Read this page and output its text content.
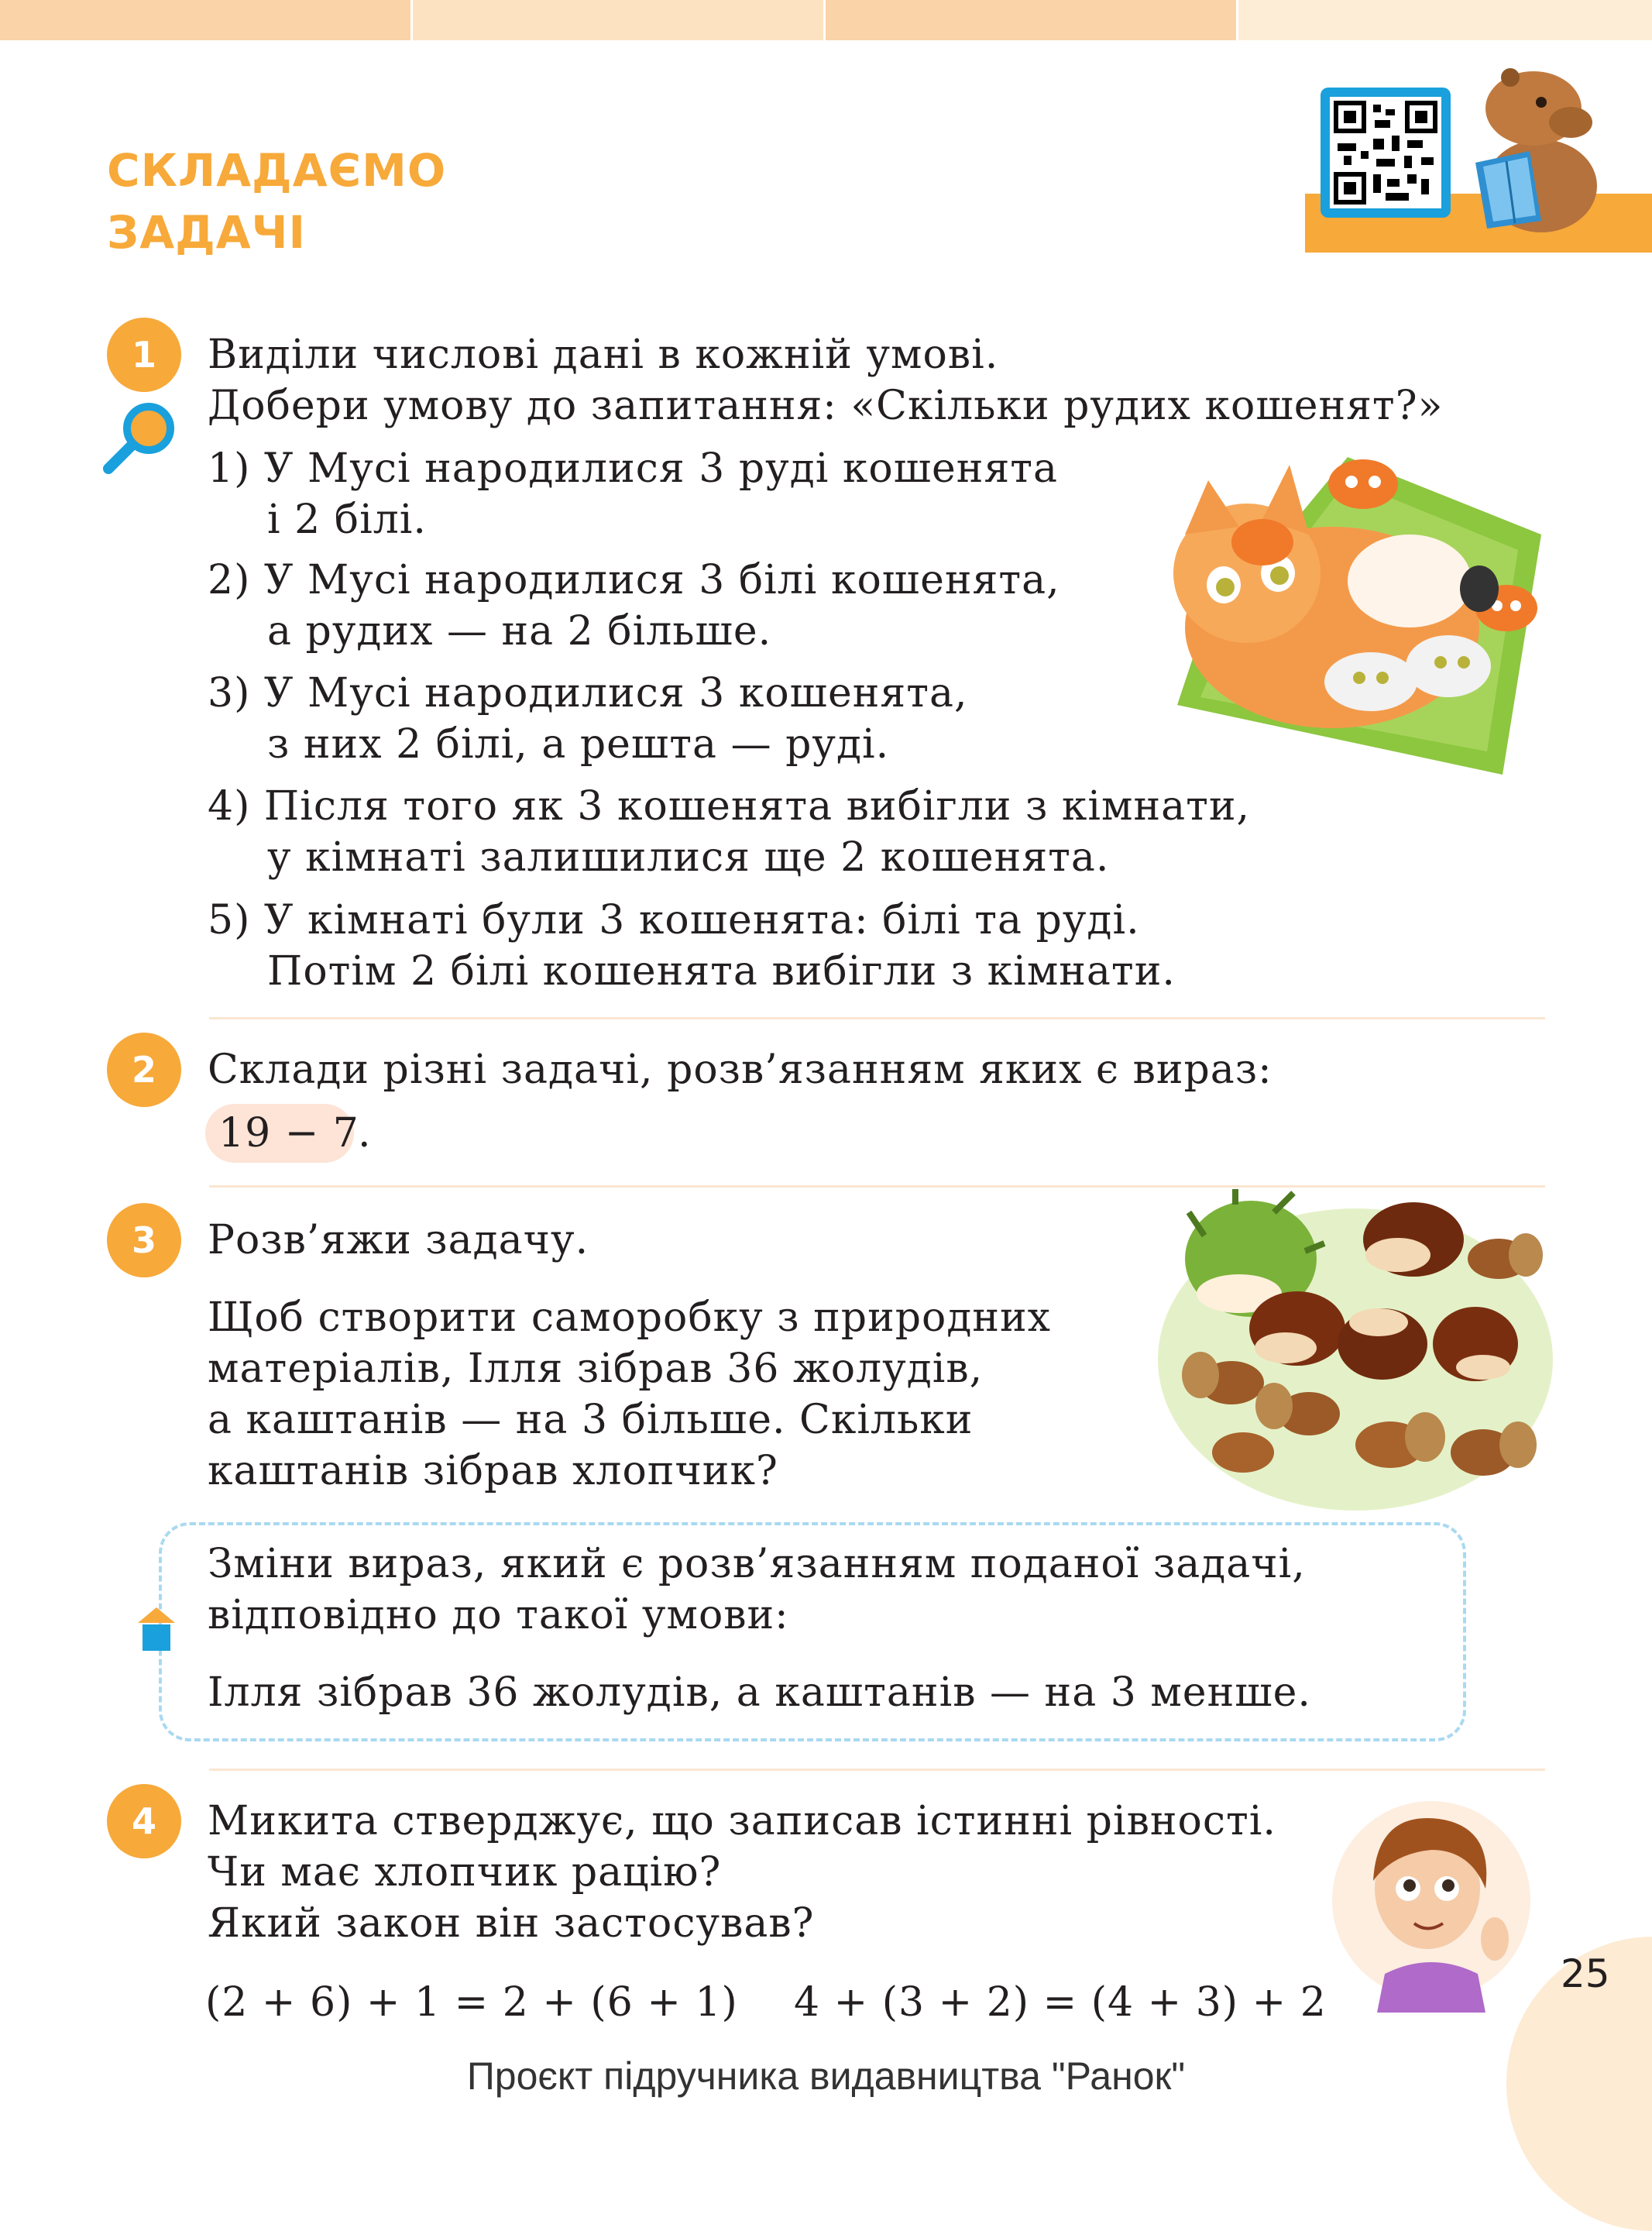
СКЛАДАЄМО
ЗАДАЧІ
1	Виділи числові дані в кожній умові.
Добери умову до запитання: «Скільки рудих кошенят?»
1) У Мусі народилися 3 руді кошенята
і 2 білі.
2) У Мусі народилися 3 білі кошенята,
а рудих — на 2 більше.
3) У Мусі народилися 3 кошенята,
з них 2 білі, а решта — руді.
4) Після того як 3 кошенята вибігли з кімнати,
у кімнаті залишилися ще 2 кошенята.
5) У кімнаті були 3 кошенята: білі та руді.
Потім 2 білі кошенята вибігли з кімнати.
2	Склади різні задачі, розв’язанням яких є вираз:
19 − 7
.
3	Розв’яжи задачу.
Щоб створити саморобку з природних
матеріалів, Ілля зібрав 36 жолудів,
а каштанів — на 3 більше. Скільки
каштанів зібрав хлопчик?
Зміни вираз, який є розв’язанням поданої задачі,
відповідно до такої умови:
Ілля зібрав 36 жолудів, а каштанів — на 3 менше.
4	Микита стверджує, що записав істинні рівності.
Чи має хлопчик рацію?
Який закон він застосував?
(2 + 6) + 1 = 2 + (6 + 1) 4 + (3 + 2) = (4 + 3) + 2
25
Проєкт підручника видавництва "Ранок"
